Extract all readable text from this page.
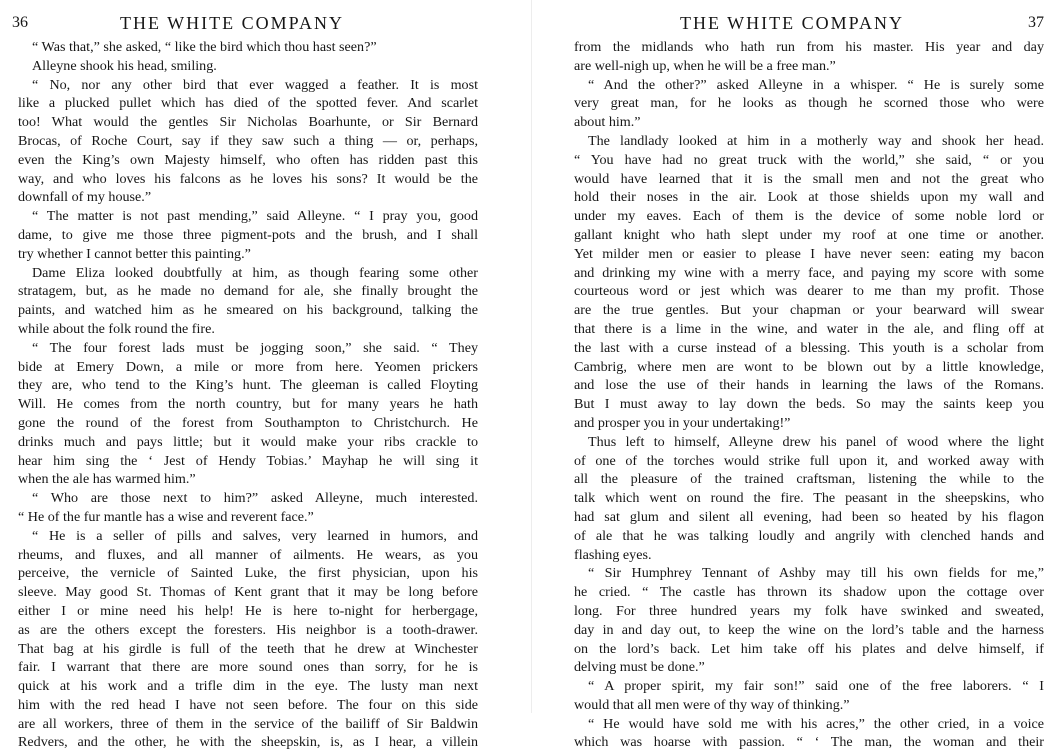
36	THE WHITE COMPANY
“ Was that,” she asked, “ like the bird which thou hast seen?”
Alleyne shook his head, smiling.
“ No, nor any other bird that ever wagged a feather. It is most
like a plucked pullet which has died of the spotted fever. And scarlet
too! What would the gentles Sir Nicholas Boarhunte, or Sir Bernard
Brocas, of Roche Court, say if they saw such a thing — or, perhaps,
even the King’s own Majesty himself, who often has ridden past this
way, and who loves his falcons as he loves his sons? It would be the
downfall of my house.”
“ The matter is not past mending,” said Alleyne. “ I pray you, good
dame, to give me those three pigment-pots and the brush, and I shall
try whether I cannot better this painting.”
Dame Eliza looked doubtfully at him, as though fearing some other
stratagem, but, as he made no demand for ale, she finally brought the
paints, and watched him as he smeared on his background, talking the
while about the folk round the fire.
“ The four forest lads must be jogging soon,” she said. “ They
bide at Emery Down, a mile or more from here. Yeomen prickers
they are, who tend to the King’s hunt. The gleeman is called Floyting
Will. He comes from the north country, but for many years he hath
gone the round of the forest from Southampton to Christchurch. He
drinks much and pays little; but it would make your ribs crackle to
hear him sing the ‘ Jest of Hendy Tobias.’ Mayhap he will sing it
when the ale has warmed him.”
“ Who are those next to him?” asked Alleyne, much interested.
“ He of the fur mantle has a wise and reverent face.”
“ He is a seller of pills and salves, very learned in humors, and
rheums, and fluxes, and all manner of ailments. He wears, as you
perceive, the vernicle of Sainted Luke, the first physician, upon his
sleeve. May good St. Thomas of Kent grant that it may be long before
either I or mine need his help! He is here to-night for herbergage,
as are the others except the foresters. His neighbor is a tooth-drawer.
That bag at his girdle is full of the teeth that he drew at Winchester
fair. I warrant that there are more sound ones than sorry, for he is
quick at his work and a trifle dim in the eye. The lusty man next
him with the red head I have not seen before. The four on this side
are all workers, three of them in the service of the bailiff of Sir Baldwin
Redvers, and the other, he with the sheepskin, is, as I hear, a villein
THE WHITE COMPANY	37
from the midlands who hath run from his master. His year and day
are well-nigh up, when he will be a free man.”
“ And the other?” asked Alleyne in a whisper. “ He is surely some
very great man, for he looks as though he scorned those who were
about him.”
The landlady looked at him in a motherly way and shook her head.
“ You have had no great truck with the world,” she said, “ or you
would have learned that it is the small men and not the great who
hold their noses in the air. Look at those shields upon my wall and
under my eaves. Each of them is the device of some noble lord or
gallant knight who hath slept under my roof at one time or another.
Yet milder men or easier to please I have never seen: eating my bacon
and drinking my wine with a merry face, and paying my score with some
courteous word or jest which was dearer to me than my profit. Those
are the true gentles. But your chapman or your bearward will swear
that there is a lime in the wine, and water in the ale, and fling off at
the last with a curse instead of a blessing. This youth is a scholar from
Cambrig, where men are wont to be blown out by a little knowledge,
and lose the use of their hands in learning the laws of the Romans.
But I must away to lay down the beds. So may the saints keep you
and prosper you in your undertaking!”
Thus left to himself, Alleyne drew his panel of wood where the light
of one of the torches would strike full upon it, and worked away with
all the pleasure of the trained craftsman, listening the while to the
talk which went on round the fire. The peasant in the sheepskins, who
had sat glum and silent all evening, had been so heated by his flagon
of ale that he was talking loudly and angrily with clenched hands and
flashing eyes.
“ Sir Humphrey Tennant of Ashby may till his own fields for me,”
he cried. “ The castle has thrown its shadow upon the cottage over
long. For three hundred years my folk have swinked and sweated,
day in and day out, to keep the wine on the lord’s table and the harness
on the lord’s back. Let him take off his plates and delve himself, if
delving must be done.”
“ A proper spirit, my fair son!” said one of the free laborers. “ I
would that all men were of thy way of thinking.”
“ He would have sold me with his acres,” the other cried, in a voice
which was hoarse with passion. “ ‘ The man, the woman and their
